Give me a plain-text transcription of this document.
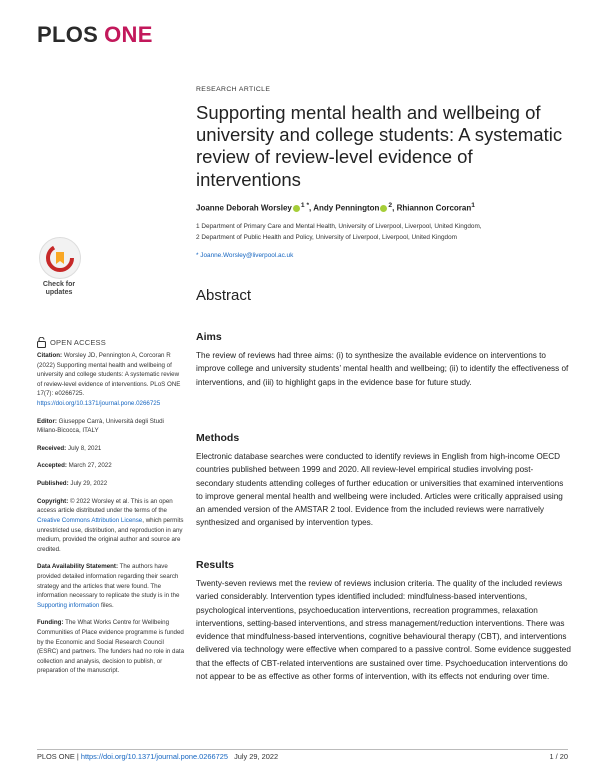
PLOS ONE
Check for updates
OPEN ACCESS

Citation: Worsley JD, Pennington A, Corcoran R (2022) Supporting mental health and wellbeing of university and college students: A systematic review of review-level evidence of interventions. PLoS ONE 17(7): e0266725. https://doi.org/10.1371/journal.pone.0266725

Editor: Giuseppe Carrà, Università degli Studi Milano-Bicocca, ITALY

Received: July 8, 2021

Accepted: March 27, 2022

Published: July 29, 2022

Copyright: © 2022 Worsley et al. This is an open access article distributed under the terms of the Creative Commons Attribution License, which permits unrestricted use, distribution, and reproduction in any medium, provided the original author and source are credited.

Data Availability Statement: The authors have provided detailed information regarding their search strategy and the articles that were found. The information necessary to replicate the study is in the Supporting information files.

Funding: The What Works Centre for Wellbeing Communities of Place evidence programme is funded by the Economic and Social Research Council (ESRC) and partners. The funders had no role in data collection and analysis, decision to publish, or preparation of the manuscript.

RESEARCH ARTICLE
Supporting mental health and wellbeing of university and college students: A systematic review of review-level evidence of interventions
Joanne Deborah Worsley $^{1 *}$, Andy Pennington $^2$, Rhiannon Corcoran$^1$
1 Department of Primary Care and Mental Health, University of Liverpool, Liverpool, United Kingdom,
2 Department of Public Health and Policy, University of Liverpool, Liverpool, United Kingdom
* Joanne.Worsley@liverpool.ac.uk
Abstract
Aims

The review of reviews had three aims: (i) to synthesize the available evidence on interventions to improve college and university students’ mental health and wellbeing; (ii) to identify the effectiveness of interventions, and (iii) to highlight gaps in the evidence base for future study.

Methods

Electronic database searches were conducted to identify reviews in English from high-income OECD countries published between 1999 and 2020. All review-level empirical studies involving post-secondary students attending colleges of further education or universities that examined interventions to improve general mental health and wellbeing were included. Articles were critically appraised using an amended version of the AMSTAR 2 tool. Evidence from the included reviews were narratively synthesized and organised by intervention types.

Results

Twenty-seven reviews met the review of reviews inclusion criteria. The quality of the included reviews varied considerably. Intervention types identified included: mindfulness-based interventions, psychological interventions, psychoeducation interventions, recreation programmes, relaxation interventions, setting-based interventions, and stress management/reduction interventions. There was evidence that mindfulness-based interventions, cognitive behavioural therapy (CBT), and interventions delivered via technology were effective when compared to a passive control. Some evidence suggested that the effects of CBT-related interventions are sustained over time. Psychoeducation interventions do not appear to be as effective as other forms of intervention, with its effects not enduring over time.

PLOS ONE | https://doi.org/10.1371/journal.pone.0266725 July 29, 2022	1 / 20
